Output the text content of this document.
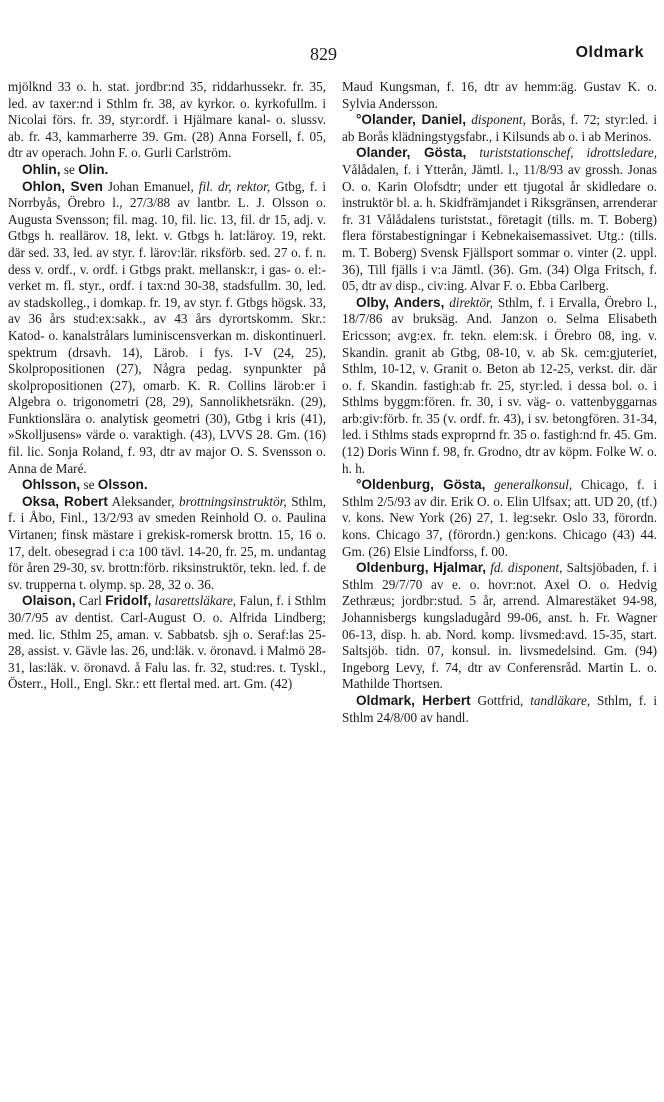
829	Oldmark

mjölknd 33 o. h. stat. jordbr:nd 35, riddarhussekr. fr. 35, led. av taxer:nd i Sthlm fr. 38, av kyrkor. o. kyrkofullm. i Nicolai förs. fr. 39, styr:ordf. i Hjälmare kanal- o. slussv. ab. fr. 43, kammarherre 39. Gm. (28) Anna Forsell, f. 05, dtr av operach. John F. o. Gurli Carlström.

Ohlin, se Olin.

Ohlon, Sven Johan Emanuel, fil. dr, rektor, Gtbg, f. i Norrbyås, Örebro l., 27/3/88 av lantbr. L. J. Olsson o. Augusta Svensson; fil. mag. 10, fil. lic. 13, fil. dr 15, adj. v. Gtbgs h. reallärov. 18, lekt. v. Gtbgs h. lat:läroy. 19, rekt. där sed. 33, led. av styr. f. lärov:lär. riksförb. sed. 27 o. f. n. dess v. ordf., v. ordf. i Gtbgs prakt. mellansk:r, i gas- o. el:-verket m. fl. styr., ordf. i tax:nd 30-38, stadsfullm. 30, led. av stadskolleg., i domkap. fr. 19, av styr. f. Gtbgs högsk. 33, av 36 års stud:ex:sakk., av 43 års dyrortskomm. Skr.: Katod- o. kanalstrålars luminiscensverkan m. diskontinuerl. spektrum (drsavh. 14), Lärob. i fys. I-V (24, 25), Skolpropositionen (27), Några pedag. synpunkter på skolpropositionen (27), omarb. K. R. Collins lärob:er i Algebra o. trigonometri (28, 29), Sannolikhetsräkn. (29), Funktionslära o. analytisk geometri (30), Gtbg i kris (41), »Skolljusens» värde o. varaktigh. (43), LVVS 28. Gm. (16) fil. lic. Sonja Roland, f. 93, dtr av major O. S. Svensson o. Anna de Maré.

Ohlsson, se Olsson.

Oksa, Robert Aleksander, brottningsinstruktör, Sthlm, f. i Åbo, Finl., 13/2/93 av smeden Reinhold O. o. Paulina Virtanen; finsk mästare i grekisk-romersk brottn. 15, 16 o. 17, delt. obesegrad i c:a 100 tävl. 14-20, fr. 25, m. undantag för åren 29-30, sv. brottn:förb. riksinstruktör, tekn. led. f. de sv. trupperna t. olymp. sp. 28, 32 o. 36.

Olaison, Carl Fridolf, lasarettsläkare, Falun, f. i Sthlm 30/7/95 av dentist. Carl-August O. o. Alfrida Lindberg; med. lic. Sthlm 25, aman. v. Sabbatsb. sjh o. Seraf:las 25-28, assist. v. Gävle las. 26, und:läk. v. öronavd. i Malmö 28-31, las:läk. v. öronavd. å Falu las. fr. 32, stud:res. t. Tyskl., Österr., Holl., Engl. Skr.: ett flertal med. art. Gm. (42)

Maud Kungsman, f. 16, dtr av hemm:äg. Gustav K. o. Sylvia Andersson.

°Olander, Daniel, disponent, Borås, f. 72; styr:led. i ab Borås klädningstygsfabr., i Kilsunds ab o. i ab Merinos.

Olander, Gösta, turiststationschef, idrottsledare, Vålådalen, f. i Ytterån, Jämtl. l., 11/8/93 av grossh. Jonas O. o. Karin Olofsdtr; under ett tjugotal år skidledare o. instruktör bl. a. h. Skidfrämjandet i Riksgränsen, arrenderar fr. 31 Vålådalens turiststat., företagit (tills. m. T. Boberg) flera förstabestigningar i Kebnekaisemassivet. Utg.: (tills. m. T. Boberg) Svensk Fjällsport sommar o. vinter (2. uppl. 36), Till fjälls i v:a Jämtl. (36). Gm. (34) Olga Fritsch, f. 05, dtr av disp., civ:ing. Alvar F. o. Ebba Carlberg.

Olby, Anders, direktör, Sthlm, f. i Ervalla, Örebro l., 18/7/86 av bruksäg. And. Janzon o. Selma Elisabeth Ericsson; avg:ex. fr. tekn. elem:sk. i Örebro 08, ing. v. Skandin. granit ab Gtbg, 08-10, v. ab Sk. cem:gjuteriet, Sthlm, 10-12, v. Granit o. Beton ab 12-25, verkst. dir. där o. f. Skandin. fastigh:ab fr. 25, styr:led. i dessa bol. o. i Sthlms byggm:fören. fr. 30, i sv. väg- o. vattenbyggarnas arb:giv:förb. fr. 35 (v. ordf. fr. 43), i sv. betongfören. 31-34, led. i Sthlms stads exproprnd fr. 35 o. fastigh:nd fr. 45. Gm. (12) Doris Winn f. 98, fr. Grodno, dtr av köpm. Folke W. o. h. h.

°Oldenburg, Gösta, generalkonsul, Chicago, f. i Sthlm 2/5/93 av dir. Erik O. o. Elin Ulfsax; att. UD 20, (tf.) v. kons. New York (26) 27, 1. leg:sekr. Oslo 33, förordn. kons. Chicago 37, (förordn.) gen:kons. Chicago (43) 44. Gm. (26) Elsie Lindforss, f. 00.

Oldenburg, Hjalmar, fd. disponent, Saltsjöbaden, f. i Sthlm 29/7/70 av e. o. hovr:not. Axel O. o. Hedvig Zethræus; jordbr:stud. 5 år, arrend. Almarestäket 94-98, Johannisbergs kungsladugård 99-06, anst. h. Fr. Wagner 06-13, disp. h. ab. Nord. komp. livsmed:avd. 15-35, start. Saltsjöb. tidn. 07, konsul. in. livsmedelsind. Gm. (94) Ingeborg Levy, f. 74, dtr av Conferensråd. Martin L. o. Mathilde Thortsen.

Oldmark, Herbert Gottfrid, tandläkare, Sthlm, f. i Sthlm 24/8/00 av handl.
